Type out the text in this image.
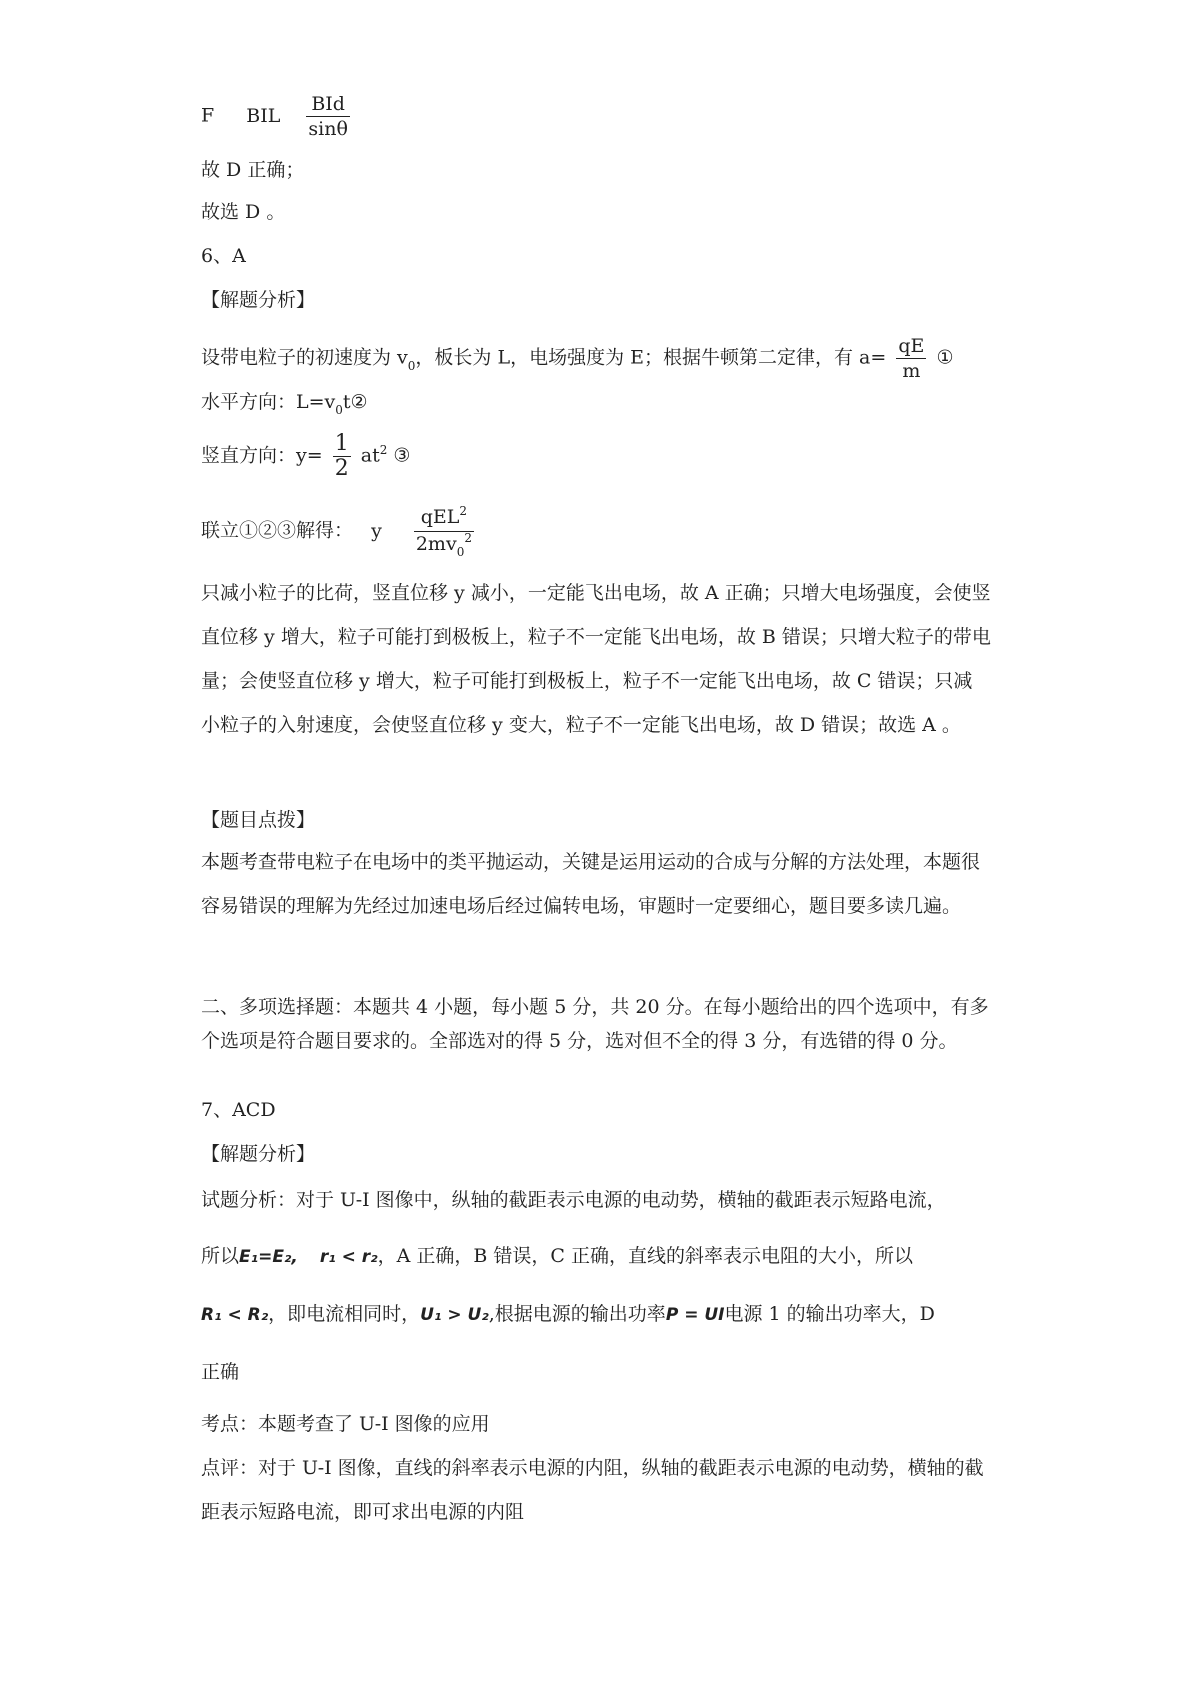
F BIL $\frac{\text{BId}}{\sin\theta}$
故 D 正确；
故选 D 。
6、A
【解题分析】
设带电粒子的初速度为 $v_0$，板长为 L，电场强度为 E；根据牛顿第二定律，有 $a= \frac{qE}{m}$ ①
水平方向：$L=v_0t②$
竖直方向：$y= \frac{1}{2} at^2$ ③
联立①②③解得： y $\frac{qEL^2}{2mv_0^2}$
只减小粒子的比荷，竖直位移 y 减小，一定能飞出电场，故 A 正确；只增大电场强度，会使竖直位移 y 增大，粒子可能打到极板上，粒子不一定能飞出电场，故 B 错误；只增大粒子的带电量；会使竖直位移 y 增大，粒子可能打到极板上，粒子不一定能飞出电场，故 C 错误；只减小粒子的入射速度，会使竖直位移 y 变大，粒子不一定能飞出电场，故 D 错误；故选 A 。
【题目点拨】
本题考查带电粒子在电场中的类平抛运动，关键是运用运动的合成与分解的方法处理，本题很容易错误的理解为先经过加速电场后经过偏转电场，审题时一定要细心，题目要多读几遍。
二、多项选择题：本题共 4 小题，每小题 5 分，共 20 分。在每小题给出的四个选项中，有多个选项是符合题目要求的。全部选对的得 5 分，选对但不全的得 3 分，有选错的得 0 分。
7、ACD
【解题分析】
试题分析：对于 U-I 图像中，纵轴的截距表示电源的电动势，横轴的截距表示短路电流，
所以E₁=E₂, r₁ < r₂，A 正确，B 错误，C 正确，直线的斜率表示电阻的大小，所以
R₁ < R₂，即电流相同时，U₁ > U₂,根据电源的输出功率P = UI电源 1 的输出功率大，D
正确
考点：本题考查了 U-I 图像的应用
点评：对于 U-I 图像，直线的斜率表示电源的内阻，纵轴的截距表示电源的电动势，横轴的截距表示短路电流，即可求出电源的内阻
